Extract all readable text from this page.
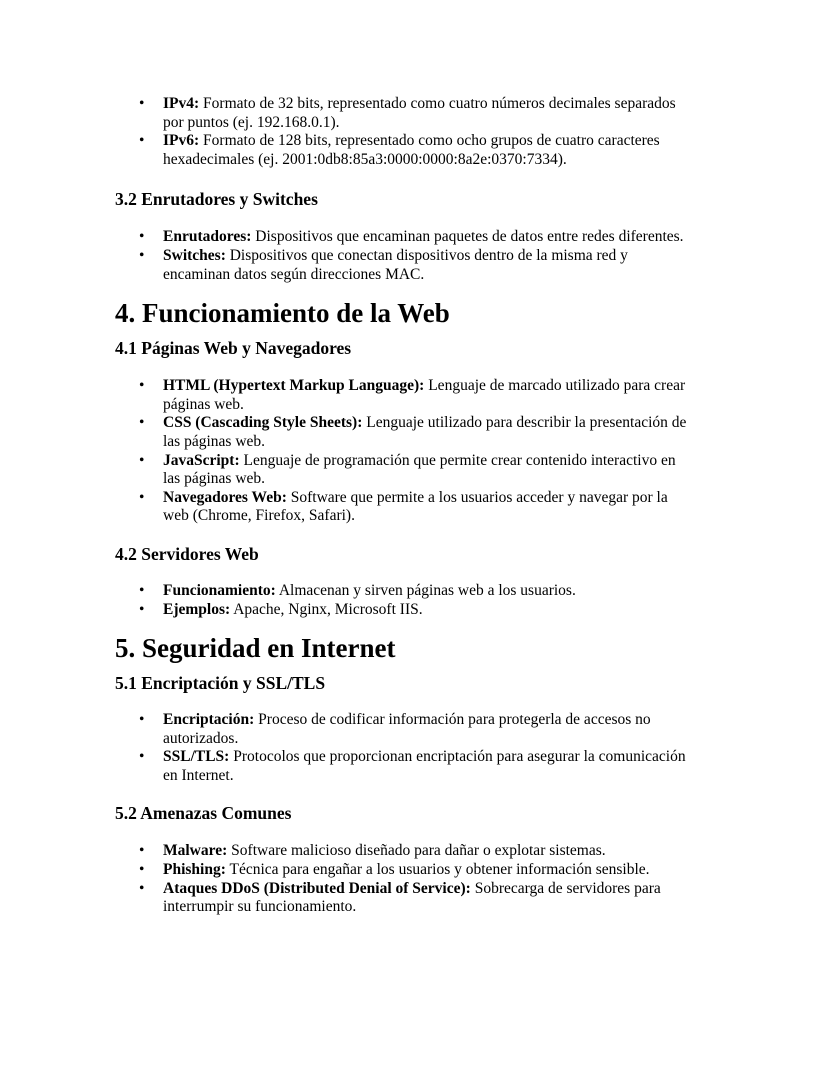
• IPv4: Formato de 32 bits, representado como cuatro números decimales separados
por puntos (ej. 192.168.0.1).
• IPv6: Formato de 128 bits, representado como ocho grupos de cuatro caracteres
hexadecimales (ej. 2001:0db8:85a3:0000:0000:8a2e:0370:7334).
3.2 Enrutadores y Switches
• Enrutadores: Dispositivos que encaminan paquetes de datos entre redes diferentes.
• Switches: Dispositivos que conectan dispositivos dentro de la misma red y
encaminan datos según direcciones MAC.
4. Funcionamiento de la Web
4.1 Páginas Web y Navegadores
• HTML (Hypertext Markup Language): Lenguaje de marcado utilizado para crear
páginas web.
• CSS (Cascading Style Sheets): Lenguaje utilizado para describir la presentación de
las páginas web.
• JavaScript: Lenguaje de programación que permite crear contenido interactivo en
las páginas web.
• Navegadores Web: Software que permite a los usuarios acceder y navegar por la
web (Chrome, Firefox, Safari).
4.2 Servidores Web
• Funcionamiento: Almacenan y sirven páginas web a los usuarios.
• Ejemplos: Apache, Nginx, Microsoft IIS.
5. Seguridad en Internet
5.1 Encriptación y SSL/TLS
• Encriptación: Proceso de codificar información para protegerla de accesos no
autorizados.
• SSL/TLS: Protocolos que proporcionan encriptación para asegurar la comunicación
en Internet.
5.2 Amenazas Comunes
• Malware: Software malicioso diseñado para dañar o explotar sistemas.
• Phishing: Técnica para engañar a los usuarios y obtener información sensible.
• Ataques DDoS (Distributed Denial of Service): Sobrecarga de servidores para
interrumpir su funcionamiento.
